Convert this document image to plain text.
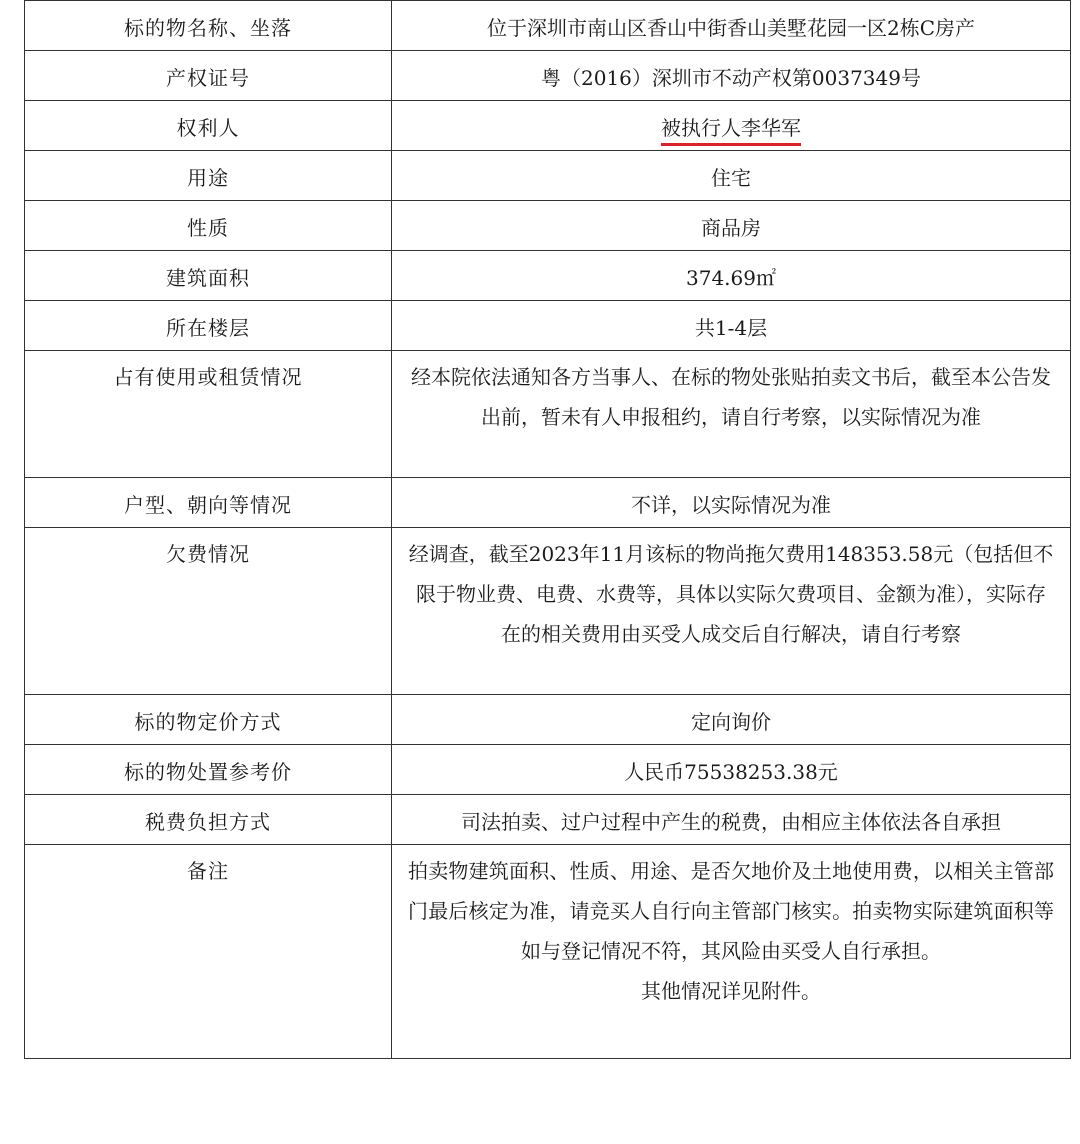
标的物名称、坐落	位于深圳市南山区香山中街香山美墅花园一区2栋C房产
产权证号	粤（2016）深圳市不动产权第0037349号
权利人	被执行人李华军
用途	住宅
性质	商品房
建筑面积	374.69㎡
所在楼层	共1-4层
占有使用或租赁情况	经本院依法通知各方当事人、在标的物处张贴拍卖文书后，截至本公告发出前，暂未有人申报租约，请自行考察，以实际情况为准
户型、朝向等情况	不详，以实际情况为准
欠费情况	经调查，截至2023年11月该标的物尚拖欠费用148353.58元（包括但不限于物业费、电费、水费等，具体以实际欠费项目、金额为准），实际存在的相关费用由买受人成交后自行解决，请自行考察
标的物定价方式	定向询价
标的物处置参考价	人民币75538253.38元
税费负担方式	司法拍卖、过户过程中产生的税费，由相应主体依法各自承担
备注	拍卖物建筑面积、性质、用途、是否欠地价及土地使用费，以相关主管部门最后核定为准，请竞买人自行向主管部门核实。拍卖物实际建筑面积等如与登记情况不符，其风险由买受人自行承担。
其他情况详见附件。
